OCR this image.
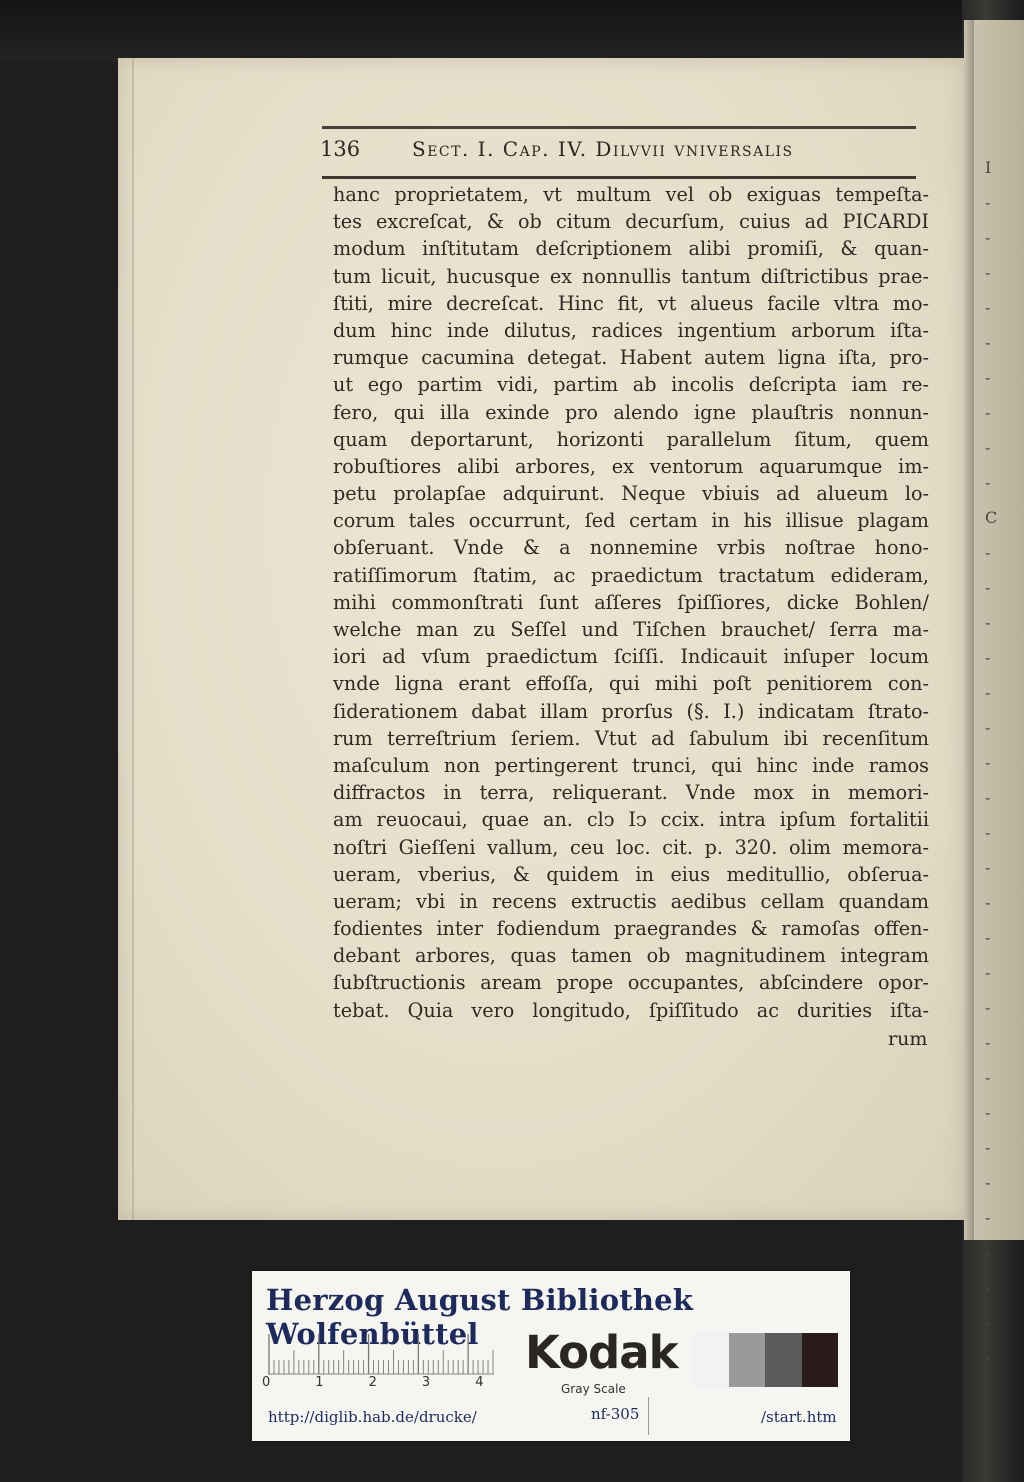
I
-
-
-
-
-
-
-
-
-
C
-
-
-
-
-
-
-
-
-
-
-
-
-
-
-
-
-
-
-
-
-
-
-
-
136	Sect. I. Cap. IV. Dilvvii vniversalis
hanc proprietatem, vt multum vel ob exiguas tempeſta-
tes excreſcat, & ob citum decurſum, cuius ad PICARDI
modum inſtitutam deſcriptionem alibi promiſi, & quan-
tum licuit, hucusque ex nonnullis tantum diſtrictibus prae-
ſtiti, mire decreſcat. Hinc fit, vt alueus facile vltra mo-
dum hinc inde dilutus, radices ingentium arborum iſta-
rumque cacumina detegat. Habent autem ligna iſta, pro-
ut ego partim vidi, partim ab incolis deſcripta iam re-
fero, qui illa exinde pro alendo igne plauſtris nonnun-
quam deportarunt, horizonti parallelum ſitum, quem
robuſtiores alibi arbores, ex ventorum aquarumque im-
petu prolapſae adquirunt. Neque vbiuis ad alueum lo-
corum tales occurrunt, ſed certam in his illisue plagam
obſeruant. Vnde & a nonnemine vrbis noſtrae hono-
ratiſſimorum ſtatim, ac praedictum tractatum edideram,
mihi commonſtrati ſunt aſſeres ſpiſſiores, dicke Bohlen/
welche man zu Seſſel und Tiſchen brauchet/ ſerra ma-
iori ad vſum praedictum ſciſſi. Indicauit inſuper locum
vnde ligna erant effoſſa, qui mihi poſt penitiorem con-
ſiderationem dabat illam prorſus (§. I.) indicatam ſtrato-
rum terreſtrium ſeriem. Vtut ad ſabulum ibi recenſitum
maſculum non pertingerent trunci, qui hinc inde ramos
diffractos in terra, reliquerant. Vnde mox in memori-
am reuocaui, quae an. clↄ Iↄ ccix. intra ipſum fortalitii
noſtri Gieſſeni vallum, ceu loc. cit. p. 320. olim memora-
ueram, vberius, & quidem in eius meditullio, obſerua-
ueram; vbi in recens extructis aedibus cellam quandam
fodientes inter fodiendum praegrandes & ramoſas offen-
debant arbores, quas tamen ob magnitudinem integram
ſubſtructionis aream prope occupantes, abſcindere opor-
tebat. Quia vero longitudo, ſpiſſitudo ac durities iſta-
rum
Herzog August Bibliothek Wolfenbüttel
0	1	2	3	4
Kodak
Gray Scale
http://diglib.hab.de/drucke/	nf-305	/start.htm
